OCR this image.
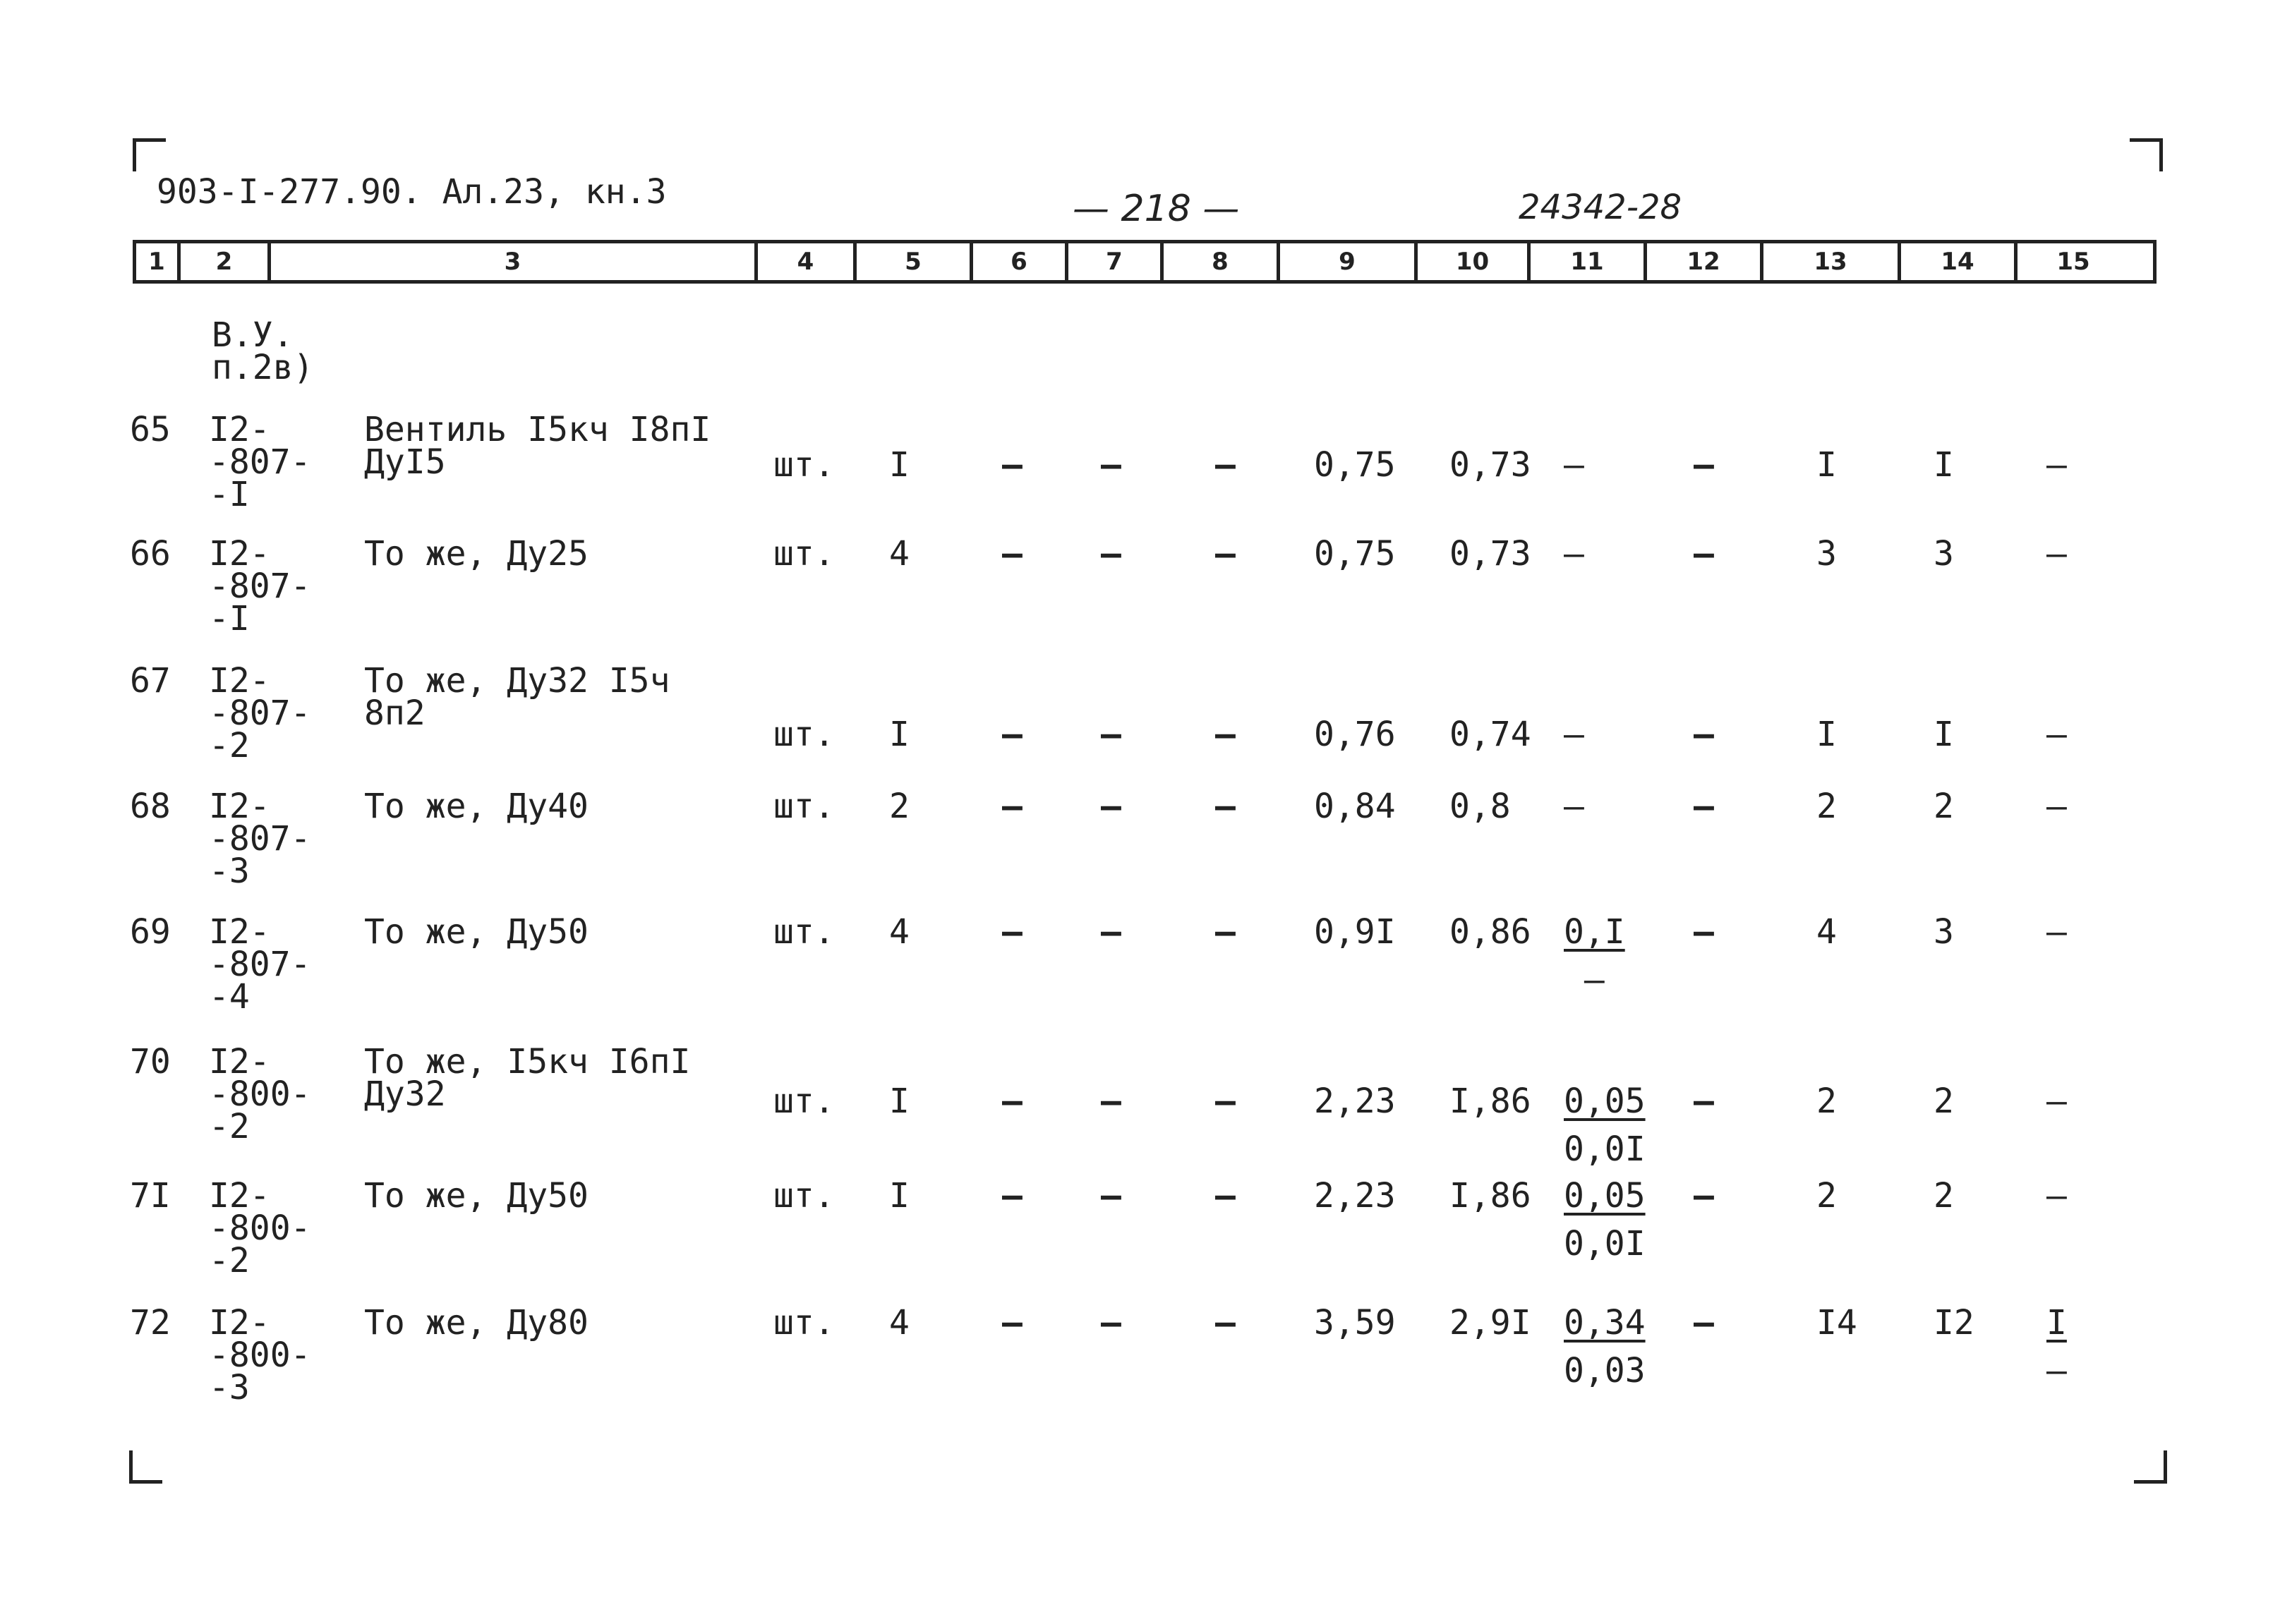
903-I-277.90. Ал.23, кн.3
—	218 —	24342-28
1	2	3	4	5	6	7	8	9	10	11	12	13	14	15
В.У.
п.2в)
65 I2-
-807-
-I
Вентиль I5кч I8пI
ДуI5	шт. I	– –	– 0,75 0,73 –	–	I	I	–
66 I2-
-807-
-I
То же, Ду25	шт. 4	– –	– 0,75 0,73 –	–	3	3	–
67 I2-
-807-
-2
То же, Ду32 I5ч
8п2
шт. I	– –	– 0,76 0,74 –	–	I	I	–
68 I2-
-807-
-3
То же, Ду40	шт. 2	– –	– 0,84 0,8 –	–	2	2	–
69 I2-
-807-
-4
То же, Ду50	шт. 4	– –	– 0,9I 0,86 0,I
–
–	4	3	–
70 I2-
-800-
-2
То же, I5кч I6пI
Ду32	шт. I	– –	– 2,23 $I,86 \frac{0,05}{0,0I}$ –	2	2	–
7I I2-
-800-
-2
То же, Ду50	шт. I	– –	– 2,23 $I,86 \frac{0,05}{0,0I}$ –	2	2	–
72 I2-
-800-
-3
То же, Ду80	шт. 4	– –	– 3,59 $2,9I \frac{0,34}{0,03}$ –	I4 I2 I
–
